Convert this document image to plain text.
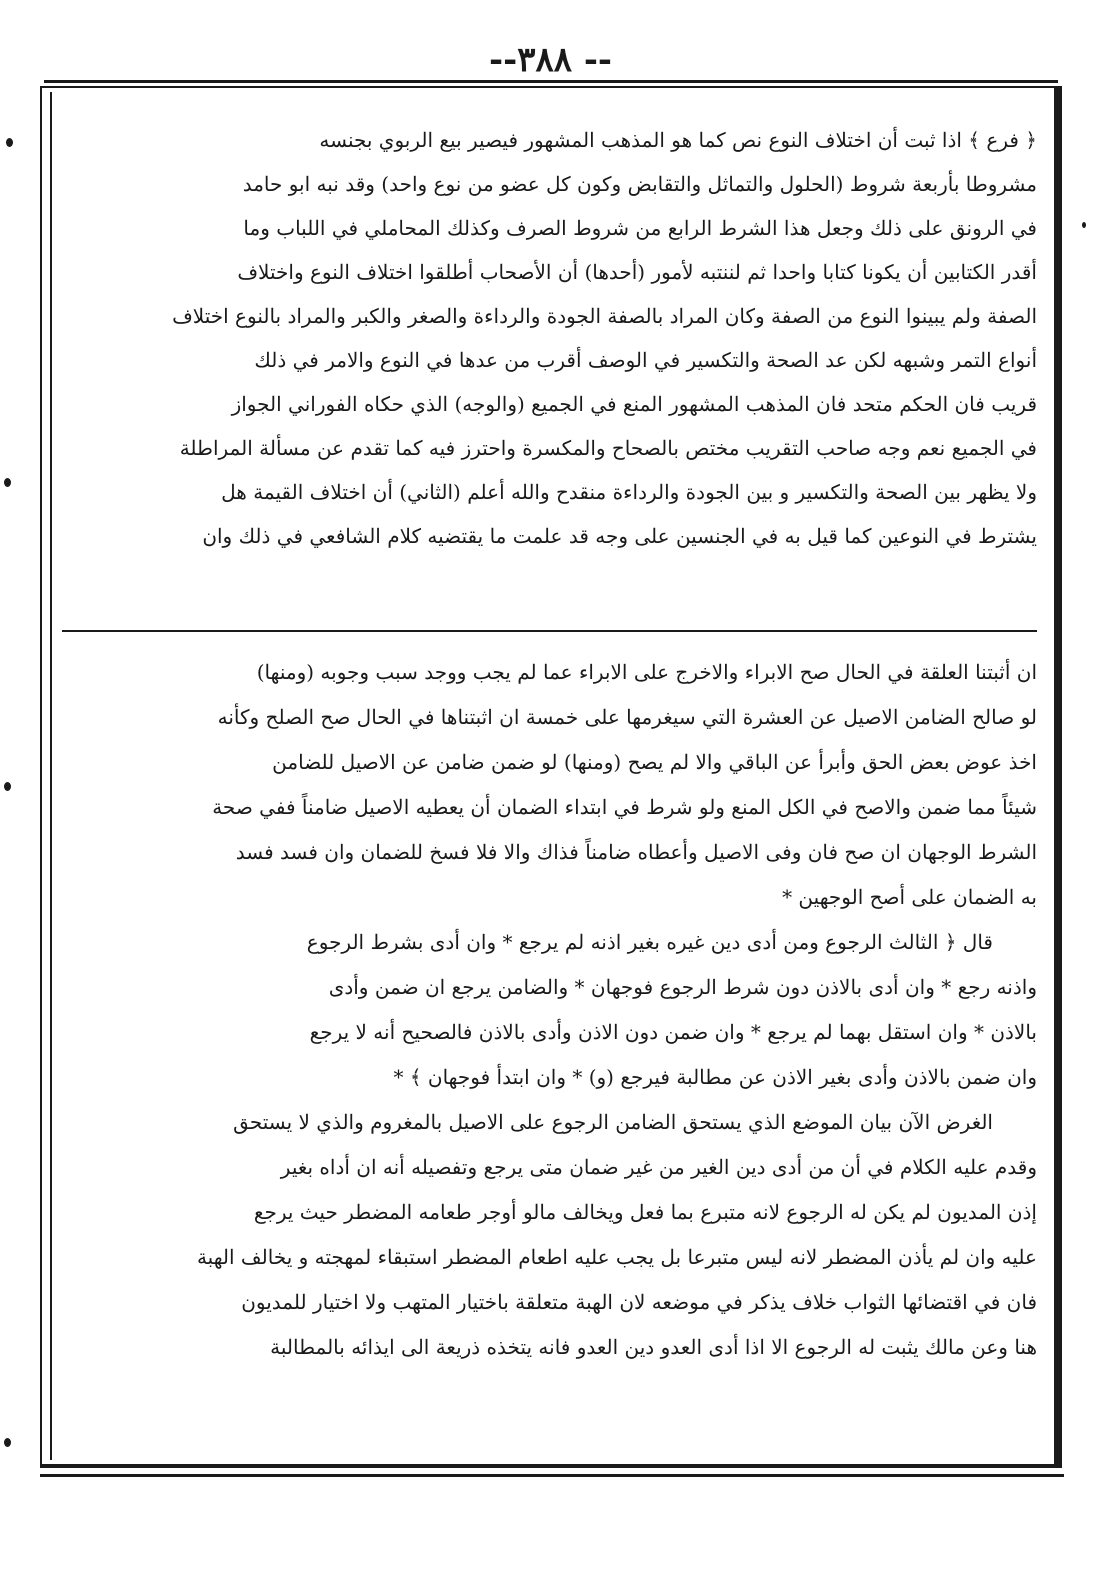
--٣٨٨ --
﴿ فرع ﴾ اذا ثبت أن اختلاف النوع نص كما هو المذهب المشهور فيصير بيع الربوي بجنسه
مشروطا بأربعة شروط (الحلول والتماثل والتقابض وكون كل عضو من نوع واحد) وقد نبه ابو حامد
في الرونق على ذلك وجعل هذا الشرط الرابع من شروط الصرف وكذلك المحاملي في اللباب وما
أقدر الكتابين أن يكونا كتابا واحدا ثم لننتبه لأمور (أحدها) أن الأصحاب أطلقوا اختلاف النوع واختلاف
الصفة ولم يبينوا النوع من الصفة وكان المراد بالصفة الجودة والرداءة والصغر والكبر والمراد بالنوع اختلاف
أنواع التمر وشبهه لكن عد الصحة والتكسير في الوصف أقرب من عدها في النوع والامر في ذلك
قريب فان الحكم متحد فان المذهب المشهور المنع في الجميع (والوجه) الذي حكاه الفوراني الجواز
في الجميع نعم وجه صاحب التقريب مختص بالصحاح والمكسرة واحترز فيه كما تقدم عن مسألة المراطلة
ولا يظهر بين الصحة والتكسير و بين الجودة والرداءة منقدح والله أعلم (الثاني) أن اختلاف القيمة هل
يشترط في النوعين كما قيل به في الجنسين على وجه قد علمت ما يقتضيه كلام الشافعي في ذلك وان
ان أثبتنا العلقة في الحال صح الابراء والاخرج على الابراء عما لم يجب ووجد سبب وجوبه (ومنها)
لو صالح الضامن الاصيل عن العشرة التي سيغرمها على خمسة ان اثبتناها في الحال صح الصلح وكأنه
اخذ عوض بعض الحق وأبرأ عن الباقي والا لم يصح (ومنها) لو ضمن ضامن عن الاصيل للضامن
شيئاً مما ضمن والاصح في الكل المنع ولو شرط في ابتداء الضمان أن يعطيه الاصيل ضامناً ففي صحة
الشرط الوجهان ان صح فان وفى الاصيل وأعطاه ضامناً فذاك والا فلا فسخ للضمان وان فسد فسد
به الضمان على أصح الوجهين *
قال ﴿ الثالث الرجوع ومن أدى دين غيره بغير اذنه لم يرجع * وان أدى بشرط الرجوع
واذنه رجع * وان أدى بالاذن دون شرط الرجوع فوجهان * والضامن يرجع ان ضمن وأدى
بالاذن * وان استقل بهما لم يرجع * وان ضمن دون الاذن وأدى بالاذن فالصحيح أنه لا يرجع
وان ضمن بالاذن وأدى بغير الاذن عن مطالبة فيرجع (و) * وان ابتدأ فوجهان ﴾ *
الغرض الآن بيان الموضع الذي يستحق الضامن الرجوع على الاصيل بالمغروم والذي لا يستحق
وقدم عليه الكلام في أن من أدى دين الغير من غير ضمان متى يرجع وتفصيله أنه ان أداه بغير
إذن المديون لم يكن له الرجوع لانه متبرع بما فعل ويخالف مالو أوجر طعامه المضطر حيث يرجع
عليه وان لم يأذن المضطر لانه ليس متبرعا بل يجب عليه اطعام المضطر استبقاء لمهجته و يخالف الهبة
فان في اقتضائها الثواب خلاف يذكر في موضعه لان الهبة متعلقة باختيار المتهب ولا اختيار للمديون
هنا وعن مالك يثبت له الرجوع الا اذا أدى العدو دين العدو فانه يتخذه ذريعة الى ايذائه بالمطالبة
